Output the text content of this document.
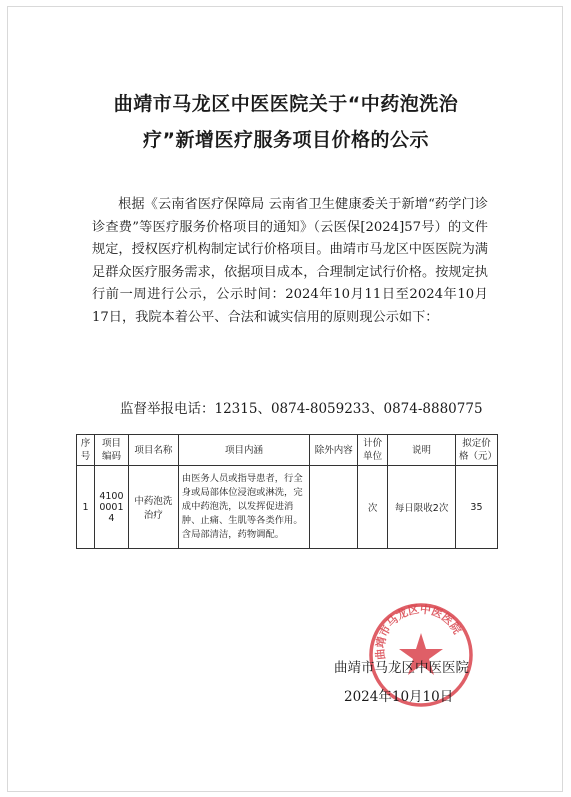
曲靖市马龙区中医医院关于“中药泡洗治
疗”新增医疗服务项目价格的公示
根据《云南省医疗保障局 云南省卫生健康委关于新增“药学门诊诊查费”等医疗服务价格项目的通知》（云医保[2024]57号）的文件规定，授权医疗机构制定试行价格项目。曲靖市马龙区中医医院为满足群众医疗服务需求，依据项目成本，合理制定试行价格。按规定执行前一周进行公示，公示时间：2024年10月11日至2024年10月17日，我院本着公平、合法和诚实信用的原则现公示如下：
监督举报电话：12315、0874-8059233、0874-8880775
序号	项目编码	项目名称	项目内涵	除外内容	计价单位	说明	拟定价格（元）
1	410000014	中药泡洗治疗	由医务人员或指导患者，行全身或局部体位浸泡或淋洗，完成中药泡洗，以发挥促进消肿、止痛、生肌等各类作用。含局部清洁，药物调配。		次	每日限收2次	35
曲靖市马龙区中医医院
曲靖市马龙区中医医院
2024年10月10日
